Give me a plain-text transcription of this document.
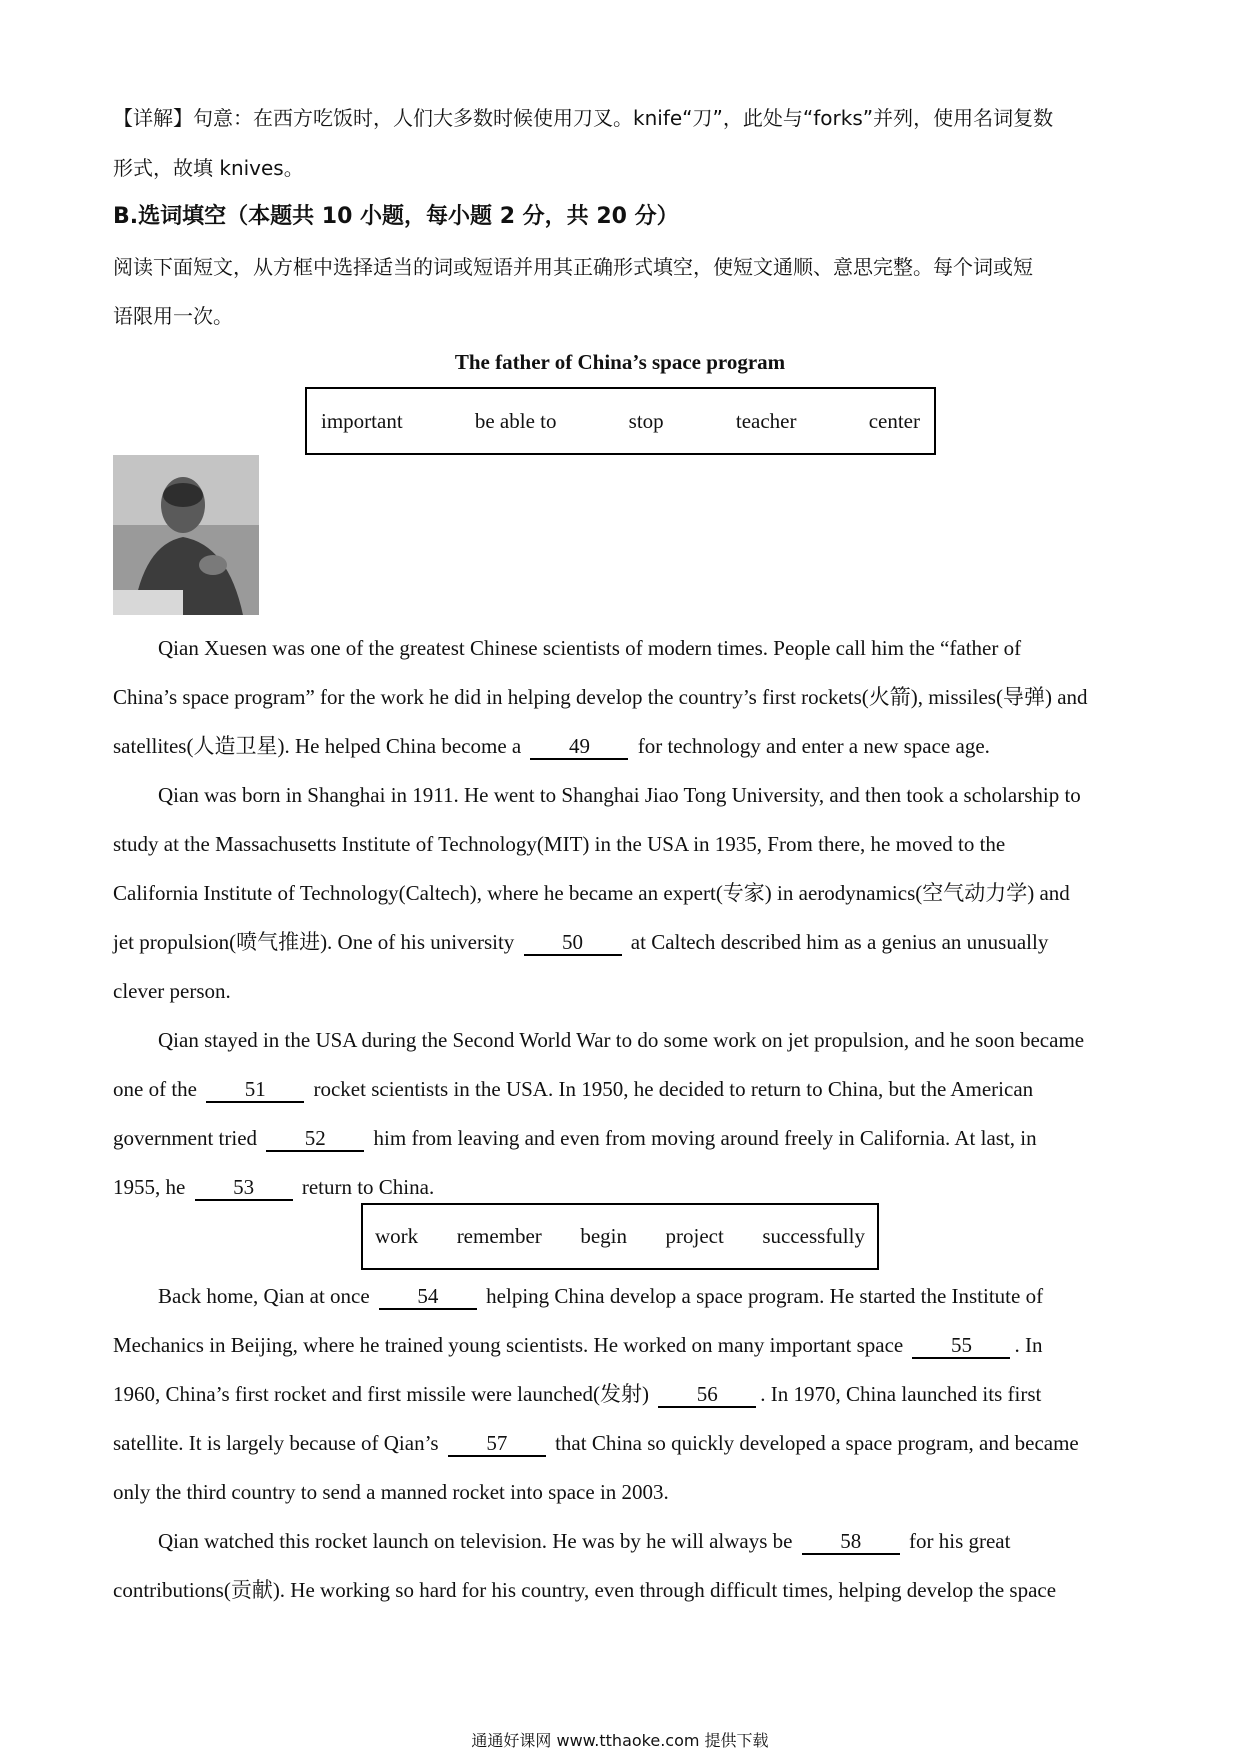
【详解】句意：在西方吃饭时，人们大多数时候使用刀叉。knife“刀”，此处与“forks”并列，使用名词复数
形式，故填 knives。
B.选词填空（本题共 10 小题，每小题 2 分，共 20 分）
阅读下面短文，从方框中选择适当的词或短语并用其正确形式填空，使短文通顺、意思完整。每个词或短
语限用一次。
The father of China’s space program
important	be able to	stop	teacher	center
Qian Xuesen was one of the greatest Chinese scientists of modern times. People call him the “father of
China’s space program” for the work he did in helping develop the country’s first rockets(火箭), missiles(导弹) and
satellites(人造卫星). He helped China become a 49 for technology and enter a new space age.
Qian was born in Shanghai in 1911. He went to Shanghai Jiao Tong University, and then took a scholarship to
study at the Massachusetts Institute of Technology(MIT) in the USA in 1935, From there, he moved to the
California Institute of Technology(Caltech), where he became an expert(专家) in aerodynamics(空气动力学) and
jet propulsion(喷气推进). One of his university 50 at Caltech described him as a genius an unusually
clever person.
Qian stayed in the USA during the Second World War to do some work on jet propulsion, and he soon became
one of the 51 rocket scientists in the USA. In 1950, he decided to return to China, but the American
government tried 52 him from leaving and even from moving around freely in California. At last, in
1955, he 53 return to China.
work remember begin project successfully
Back home, Qian at once 54 helping China develop a space program. He started the Institute of
Mechanics in Beijing, where he trained young scientists. He worked on many important space 55 . In
1960, China’s first rocket and first missile were launched(发射) 56 . In 1970, China launched its first
satellite. It is largely because of Qian’s 57 that China so quickly developed a space program, and became
only the third country to send a manned rocket into space in 2003.
Qian watched this rocket launch on television. He was by he will always be 58 for his great
contributions(贡献). He working so hard for his country, even through difficult times, helping develop the space
通通好课网 www.tthaoke.com 提供下载
